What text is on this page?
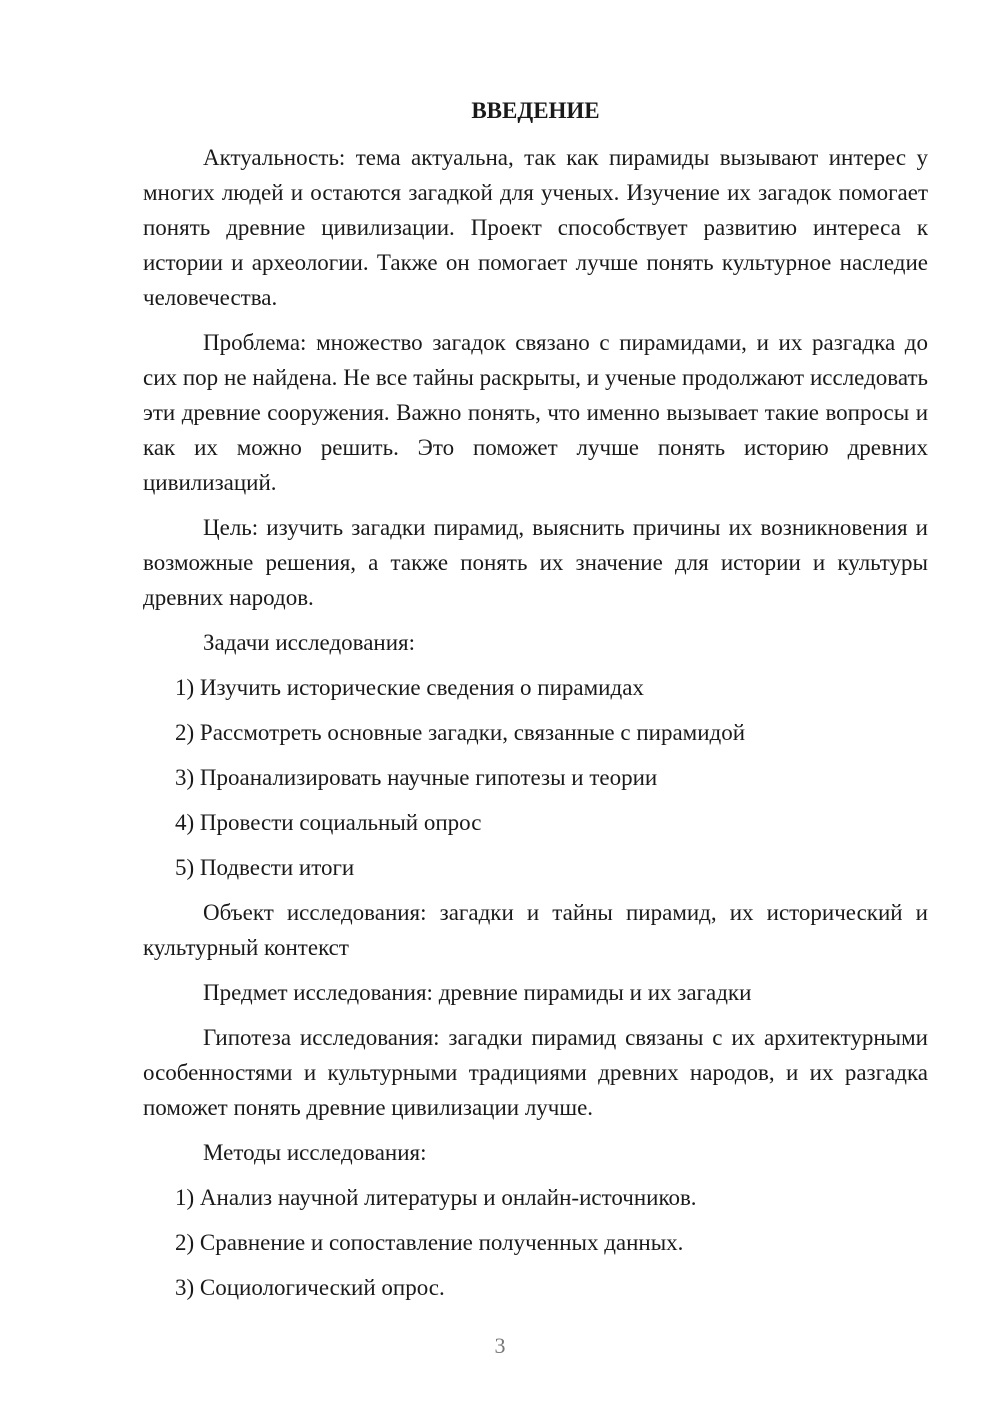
ВВЕДЕНИЕ

Актуальность: тема актуальна, так как пирамиды вызывают интерес у многих людей и остаются загадкой для ученых. Изучение их загадок помогает понять древние цивилизации. Проект способствует развитию интереса к истории и археологии. Также он помогает лучше понять культурное наследие человечества.

Проблема: множество загадок связано с пирамидами, и их разгадка до сих пор не найдена. Не все тайны раскрыты, и ученые продолжают исследовать эти древние сооружения. Важно понять, что именно вызывает такие вопросы и как их можно решить. Это поможет лучше понять историю древних цивилизаций.

Цель: изучить загадки пирамид, выяснить причины их возникновения и возможные решения, а также понять их значение для истории и культуры древних народов.

Задачи исследования:

1) Изучить исторические сведения о пирамидах
2) Рассмотреть основные загадки, связанные с пирамидой
3) Проанализировать научные гипотезы и теории
4) Провести социальный опрос
5) Подвести итоги

Объект исследования: загадки и тайны пирамид, их исторический и культурный контекст

Предмет исследования: древние пирамиды и их загадки

Гипотеза исследования: загадки пирамид связаны с их архитектурными особенностями и культурными традициями древних народов, и их разгадка поможет понять древние цивилизации лучше.

Методы исследования:

1) Анализ научной литературы и онлайн-источников.
2) Сравнение и сопоставление полученных данных.
3) Социологический опрос.
3
